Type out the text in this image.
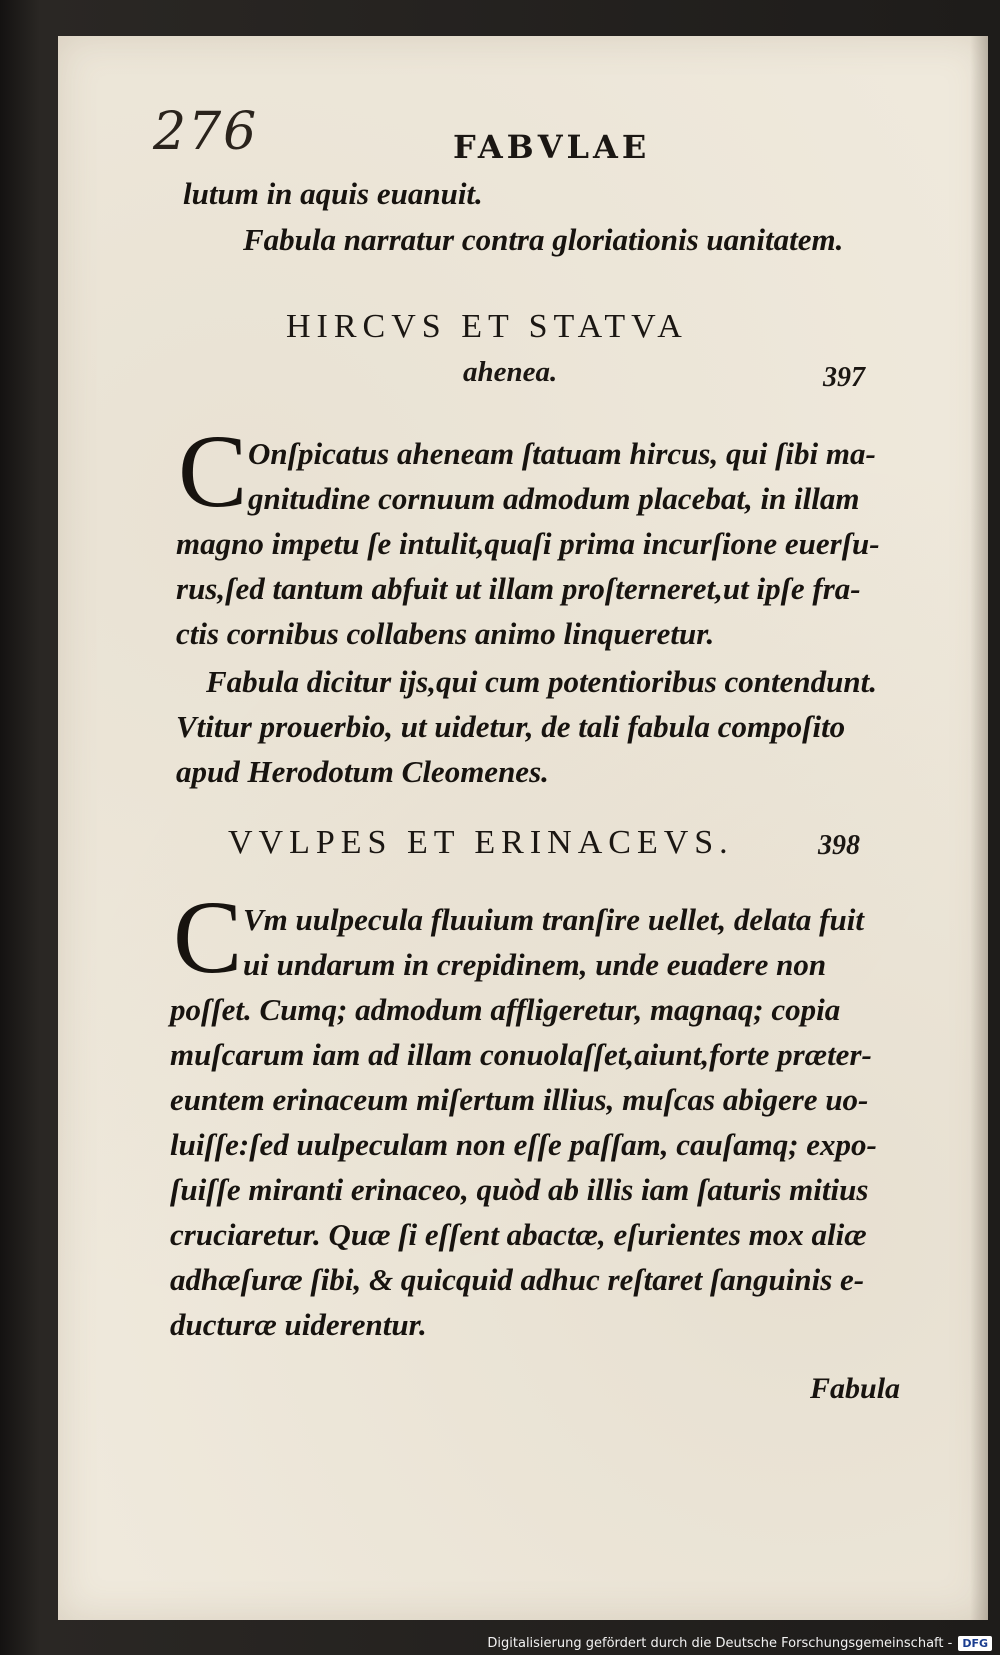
276	FABVLAE
lutum in aquis euanuit.
Fabula narratur contra gloriationis uanitatem.
HIRCVS ET STATVA
ahenea.	397
C Onſpicatus aheneam ſtatuam hircus, qui ſibi ma-
gnitudine cornuum admodum placebat, in illam
magno impetu ſe intulit,quaſi prima incurſione euerſu-
rus,ſed tantum abfuit ut illam proſterneret,ut ipſe fra-
ctis cornibus collabens animo linqueretur.
Fabula dicitur ijs,qui cum potentioribus contendunt.
Vtitur prouerbio, ut uidetur, de tali fabula compoſito
apud Herodotum Cleomenes.
VVLPES ET ERINACEVS.	398
C Vm uulpecula fluuium tranſire uellet, delata fuit
ui undarum in crepidinem, unde euadere non
poſſet. Cumq; admodum affligeretur, magnaq; copia
muſcarum iam ad illam conuolaſſet,aiunt,forte præter-
euntem erinaceum miſertum illius, muſcas abigere uo-
luiſſe:ſed uulpeculam non eſſe paſſam, cauſamq; expo-
ſuiſſe miranti erinaceo, quòd ab illis iam ſaturis mitius
cruciaretur. Quæ ſi eſſent abactæ, eſurientes mox aliæ
adhæſuræ ſibi, & quicquid adhuc reſtaret ſanguinis e-
ducturæ uiderentur.
Fabula
Digitalisierung gefördert durch die Deutsche Forschungsgemeinschaft - DFG
